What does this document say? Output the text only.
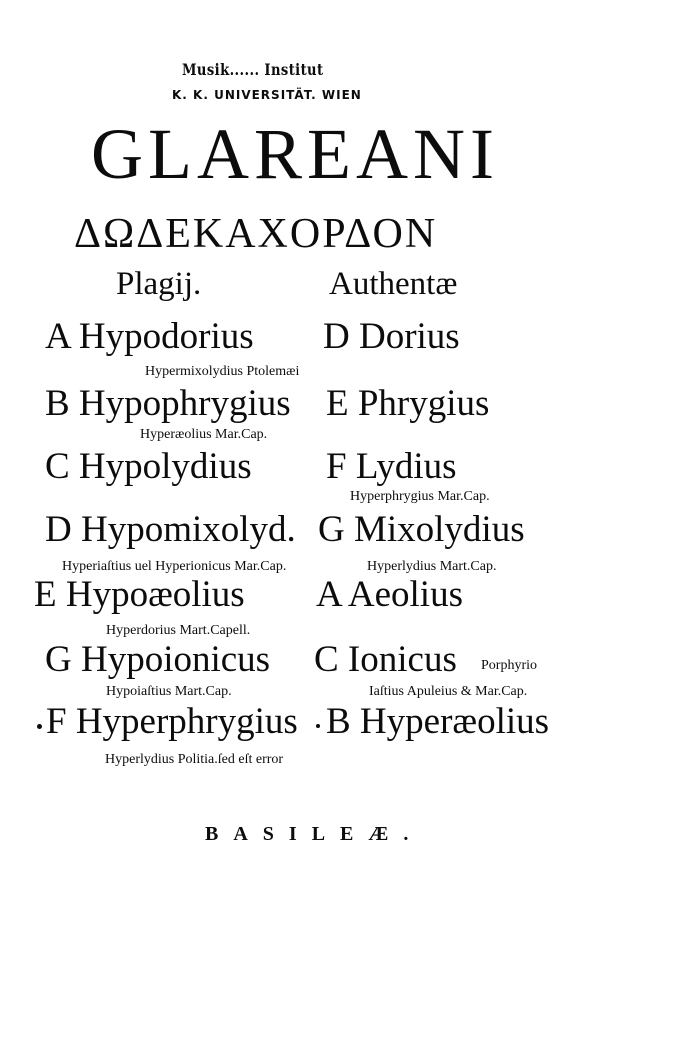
Musik...... Institut
K. K. UNIVERSITÄT. WIEN
GLAREANI
ΔΩΔΕΚΑΧΟΡΔΟΝ
Plagij.	Authentæ
A Hypodorius D Dorius
Hypermixolydius Ptolemæi
B Hypophrygius E Phrygius
Hyperæolius Mar.Cap.
C Hypolydius F Lydius
Hyperphrygius Mar.Cap.
D Hypomixolyd. G Mixolydius
Hyperiaſtius uel Hyperionicus Mar.Cap.	Hyperlydius Mart.Cap.
E Hypoæolius A Aeolius
Hyperdorius Mart.Capell.
G Hypoionicus C Ionicus Porphyrio
Hypoiaſtius Mart.Cap.	Iaſtius Apuleius & Mar.Cap.
F Hyperphrygius B Hyperæolius
Hyperlydius Politia.ſed eſt error
BASILEÆ.
